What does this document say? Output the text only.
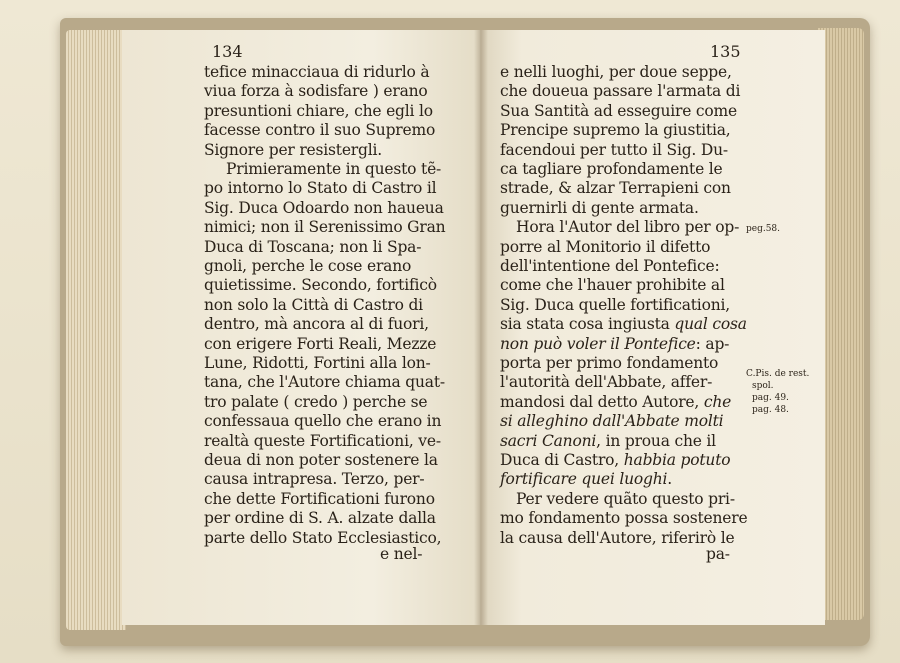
134
tefice minacciaua di ridurlo à
viua forza à sodisfare ) erano
presuntioni chiare, che egli lo
facesse contro il suo Supremo
Signore per resistergli.
Primieramente in questo tẽ-
po intorno lo Stato di Castro il
Sig. Duca Odoardo non haueua
nimici; non il Serenissimo Gran
Duca di Toscana; non li Spa-
gnoli, perche le cose erano
quietissime. Secondo, fortificò
non solo la Città di Castro di
dentro, mà ancora al di fuori,
con erigere Forti Reali, Mezze
Lune, Ridotti, Fortini alla lon-
tana, che l'Autore chiama quat-
tro palate ( credo ) perche se
confessaua quello che erano in
realtà queste Fortificationi, ve-
deua di non poter sostenere la
causa intrapresa. Terzo, per-
che dette Fortificationi furono
per ordine di S. A. alzate dalla
parte dello Stato Ecclesiastico,
e nel-
135
e nelli luoghi, per doue seppe,
che doueua passare l'armata di
Sua Santità ad esseguire come
Prencipe supremo la giustitia,
facendoui per tutto il Sig. Du-
ca tagliare profondamente le
strade, & alzar Terrapieni con
guernirli di gente armata.
Hora l'Autor del libro per op-
porre al Monitorio il difetto
dell'intentione del Pontefice:
come che l'hauer prohibite al
Sig. Duca quelle fortificationi,
sia stata cosa ingiusta qual cosa
non può voler il Pontefice: ap-
porta per primo fondamento
l'autorità dell'Abbate, affer-
mandosi dal detto Autore, che
si alleghino dall'Abbate molti
sacri Canoni, in proua che il
Duca di Castro, habbia potuto
fortificare quei luoghi.
Per vedere quãto questo pri-
mo fondamento possa sostenere
la causa dell'Autore, riferirò le
pa-
peg.58.
C.Pis. de rest.
spol.
pag. 49.
pag. 48.
